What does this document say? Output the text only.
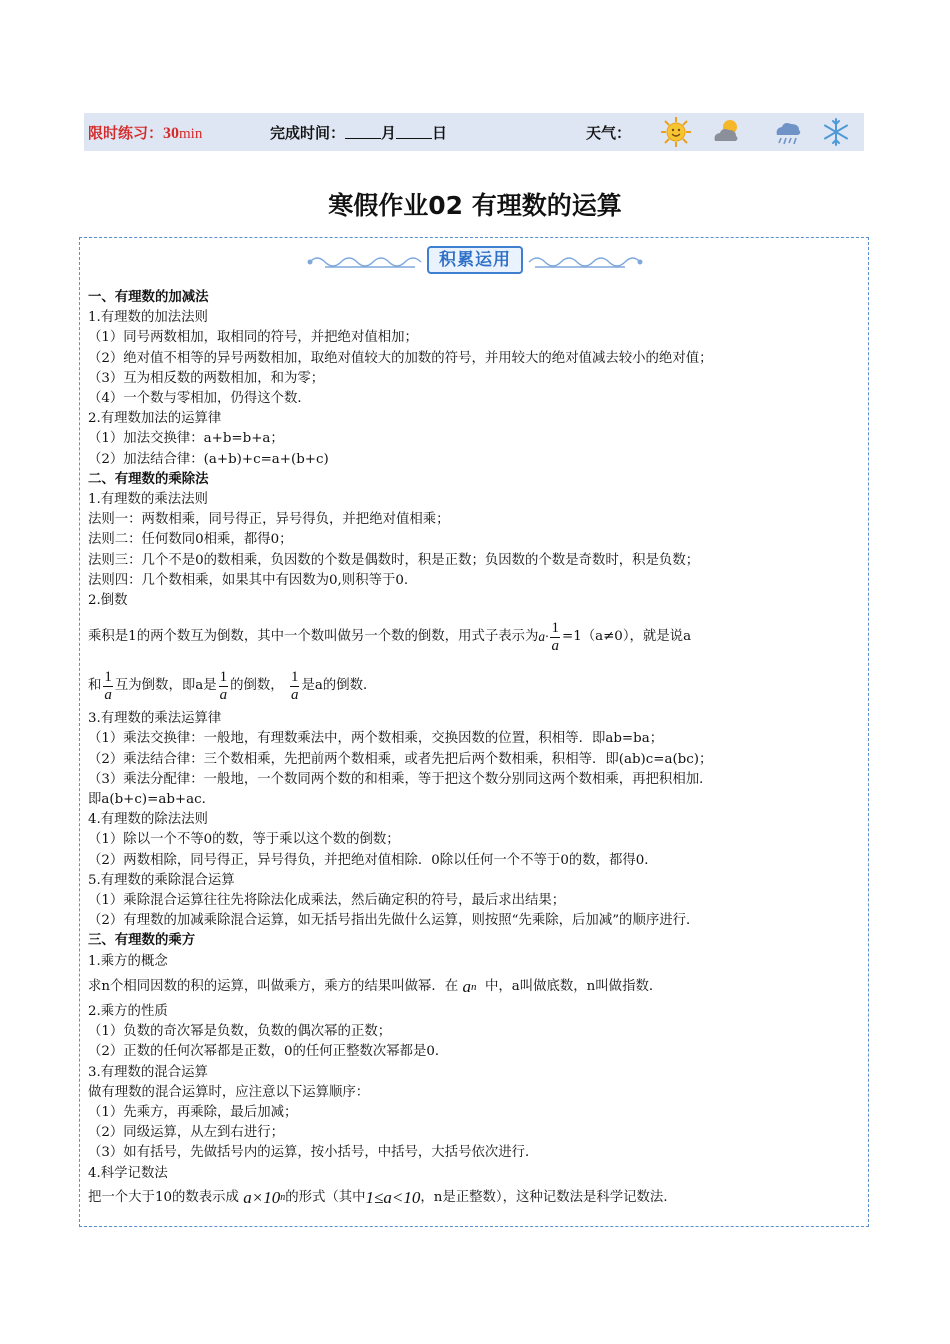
限时练习：30min	完成时间： 月 日	天气：
寒假作业02 有理数的运算
积累运用

一、有理数的加减法

1.有理数的加法法则

（1）同号两数相加，取相同的符号，并把绝对值相加；

（2）绝对值不相等的异号两数相加，取绝对值较大的加数的符号，并用较大的绝对值减去较小的绝对值；

（3）互为相反数的两数相加，和为零；

（4）一个数与零相加，仍得这个数．

2.有理数加法的运算律

（1）加法交换律：a+b=b+a；

（2）加法结合律：(a+b)+c=a+(b+c)

二、有理数的乘除法

1.有理数的乘法法则

法则一：两数相乘，同号得正，异号得负，并把绝对值相乘；

法则二：任何数同0相乘，都得0；

法则三：几个不是0的数相乘，负因数的个数是偶数时，积是正数；负因数的个数是奇数时，积是负数；

法则四：几个数相乘，如果其中有因数为0,则积等于0.

2.倒数

乘积是1的两个数互为倒数，其中一个数叫做另一个数的倒数，用式子表示为 $a\cdot \frac{1}{a} =1(a\ne 0)$，就是说a

和 $\frac{1}{a}$ 互为倒数，即a是 $\frac{1}{a}$ 的倒数，
$\frac{1}{a}$ 是a的倒数．

3.有理数的乘法运算律

（1）乘法交换律：一般地，有理数乘法中，两个数相乘，交换因数的位置，积相等．即ab=ba；

（2）乘法结合律：三个数相乘，先把前两个数相乘，或者先把后两个数相乘，积相等．即(ab)c=a(bc)；

（3）乘法分配律：一般地，一个数同两个数的和相乘，等于把这个数分别同这两个数相乘，再把积相加．

即a(b+c)=ab+ac．

4.有理数的除法法则

（1）除以一个不等0的数，等于乘以这个数的倒数；

（2）两数相除，同号得正，异号得负，并把绝对值相除．0除以任何一个不等于0的数，都得0．

5.有理数的乘除混合运算

（1）乘除混合运算往往先将除法化成乘法，然后确定积的符号，最后求出结果；

（2）有理数的加减乘除混合运算，如无括号指出先做什么运算，则按照“先乘除，后加减”的顺序进行．

三、有理数的乘方

1.乘方的概念

求n个相同因数的积的运算，叫做乘方，乘方的结果叫做幂．在
a n
中，a叫做底数，n叫做指数．

2.乘方的性质

（1）负数的奇次幂是负数，负数的偶次幂的正数；

（2）正数的任何次幂都是正数，0的任何正整数次幂都是0．

3.有理数的混合运算

做有理数的混合运算时，应注意以下运算顺序：

（1）先乘方，再乘除，最后加减；

（2）同级运算，从左到右进行；

（3）如有括号，先做括号内的运算，按小括号，中括号，大括号依次进行．

4.科学记数法

把一个大于10的数表示成
a×10 n 的形式（其中 1≤a<10 ，n是正整数），这种记数法是科学记数法．
